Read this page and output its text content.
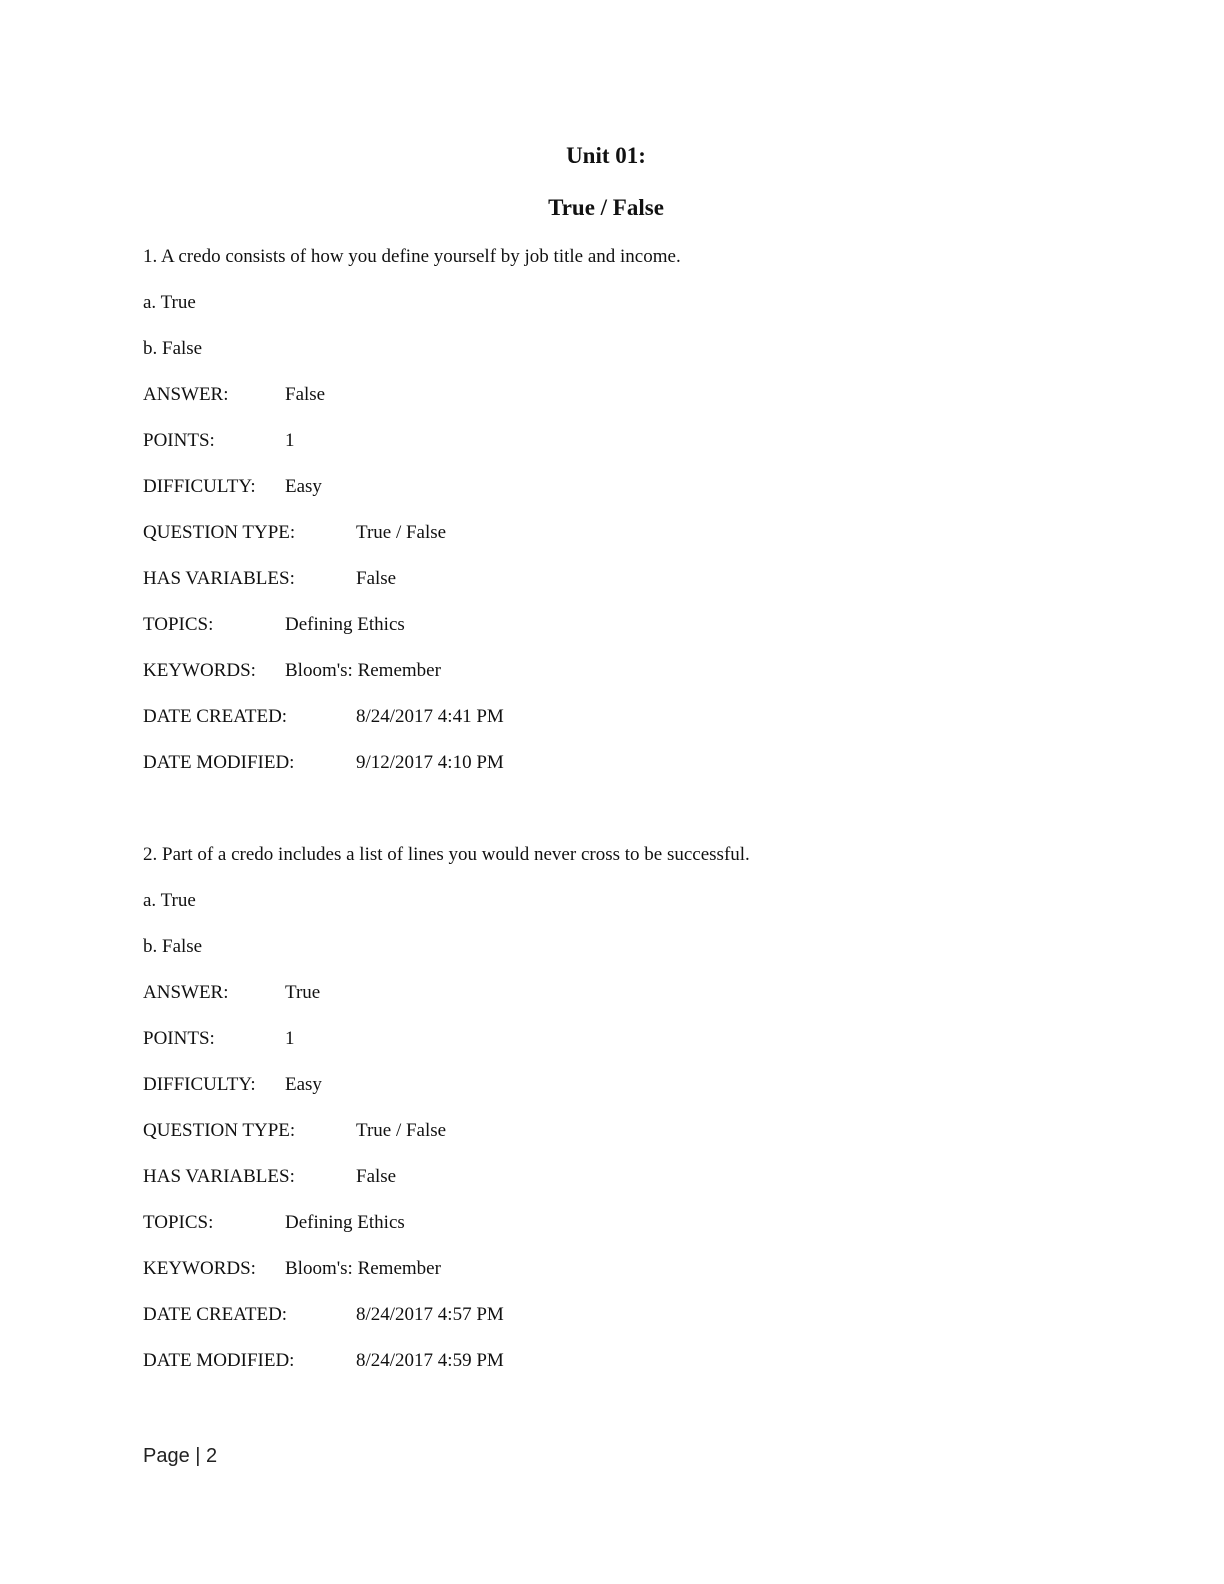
Unit 01:
True / False
1. A credo consists of how you define yourself by job title and income.
a. True
b. False
ANSWER:	False
POINTS:	1
DIFFICULTY: Easy
QUESTION TYPE:	True / False
HAS VARIABLES:	False
TOPICS:	Defining Ethics
KEYWORDS: Bloom's: Remember
DATE CREATED:	8/24/2017 4:41 PM
DATE MODIFIED:	9/12/2017 4:10 PM
2. Part of a credo includes a list of lines you would never cross to be successful.
a. True
b. False
ANSWER:	True
POINTS:	1
DIFFICULTY: Easy
QUESTION TYPE:	True / False
HAS VARIABLES:	False
TOPICS:	Defining Ethics
KEYWORDS: Bloom's: Remember
DATE CREATED:	8/24/2017 4:57 PM
DATE MODIFIED:	8/24/2017 4:59 PM
Page | 2
